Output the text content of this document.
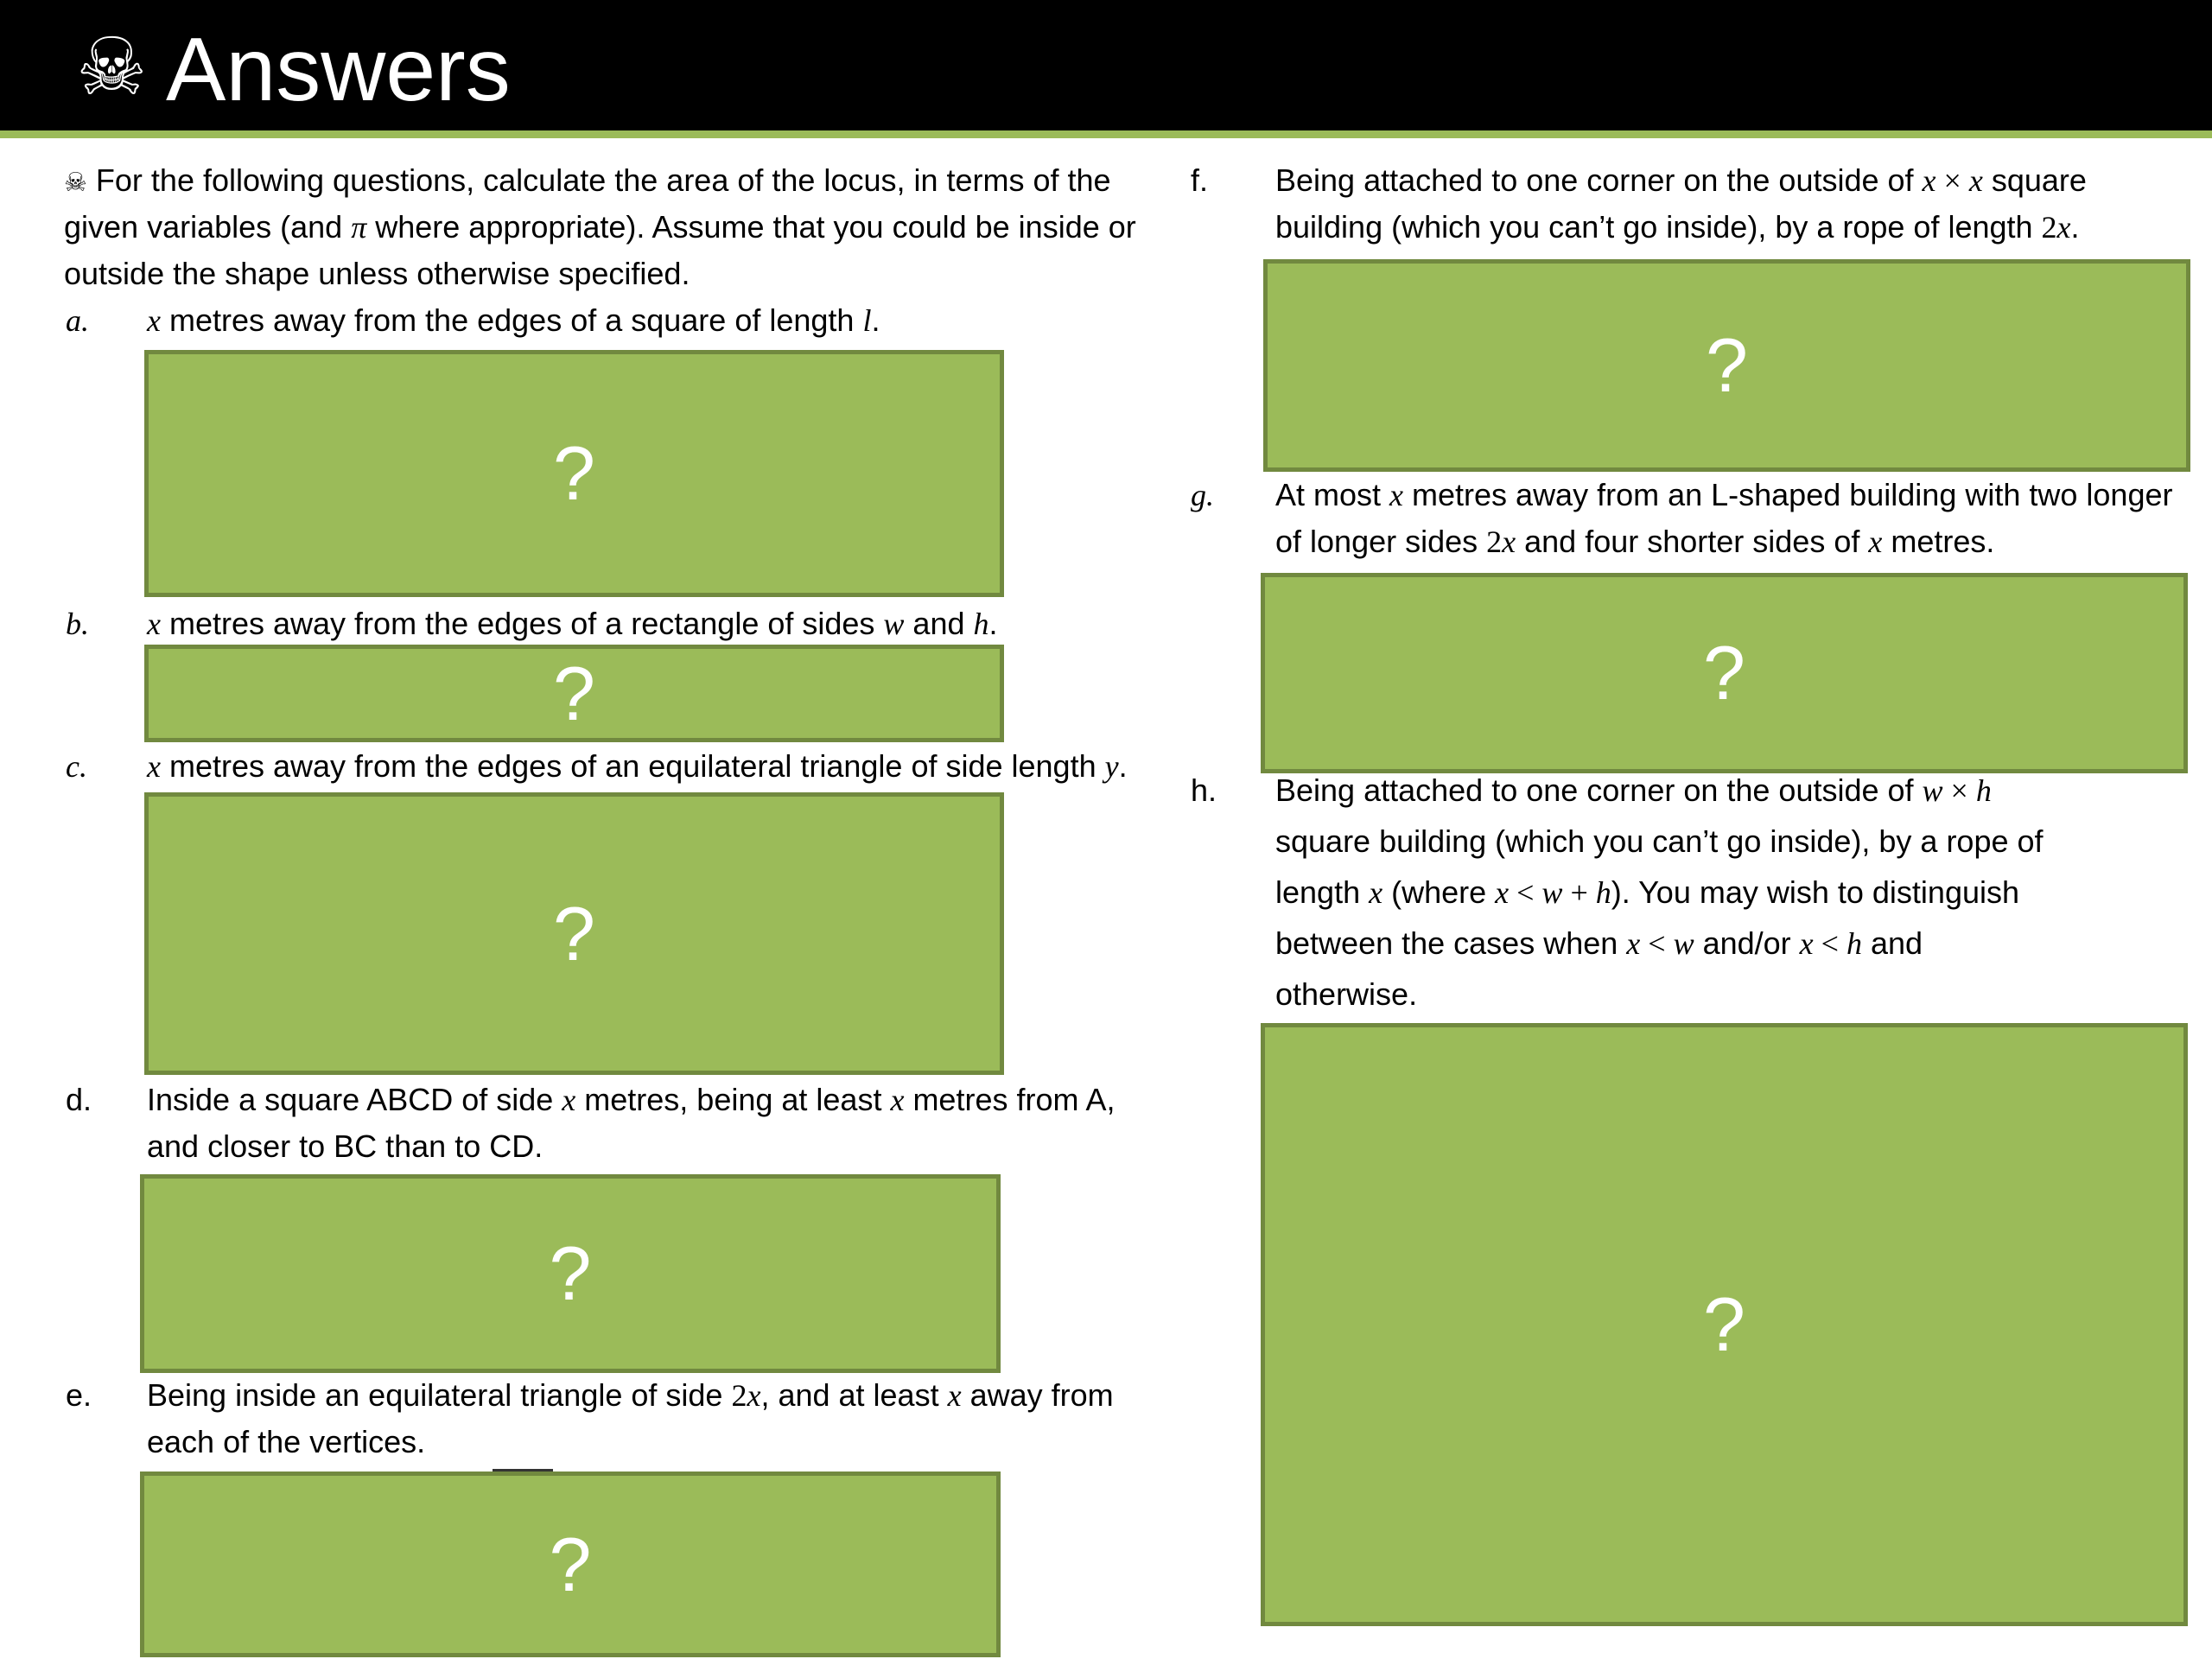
☠ Answers
☠ For the following questions, calculate the area of the locus, in terms of the
given variables (and π where appropriate). Assume that you could be inside or
outside the shape unless otherwise specified.
a. x metres away from the edges of a square of length l.
?
b. x metres away from the edges of a rectangle of sides w and h.
?
c. x metres away from the edges of an equilateral triangle of side length y.
?
d. Inside a square ABCD of side x metres, being at least x metres from A,
and closer to BC than to CD.
?
e. Being inside an equilateral triangle of side 2x, and at least x away from
each of the vertices.
?
f. Being attached to one corner on the outside of x × x square
building (which you can’t go inside), by a rope of length 2x.
?
g. At most x metres away from an L-shaped building with two longer
of longer sides 2x and four shorter sides of x metres.
?
h. Being attached to one corner on the outside of w × h
square building (which you can’t go inside), by a rope of
length x (where x < w + h). You may wish to distinguish
between the cases when x < w and/or x < h and
otherwise.
?
